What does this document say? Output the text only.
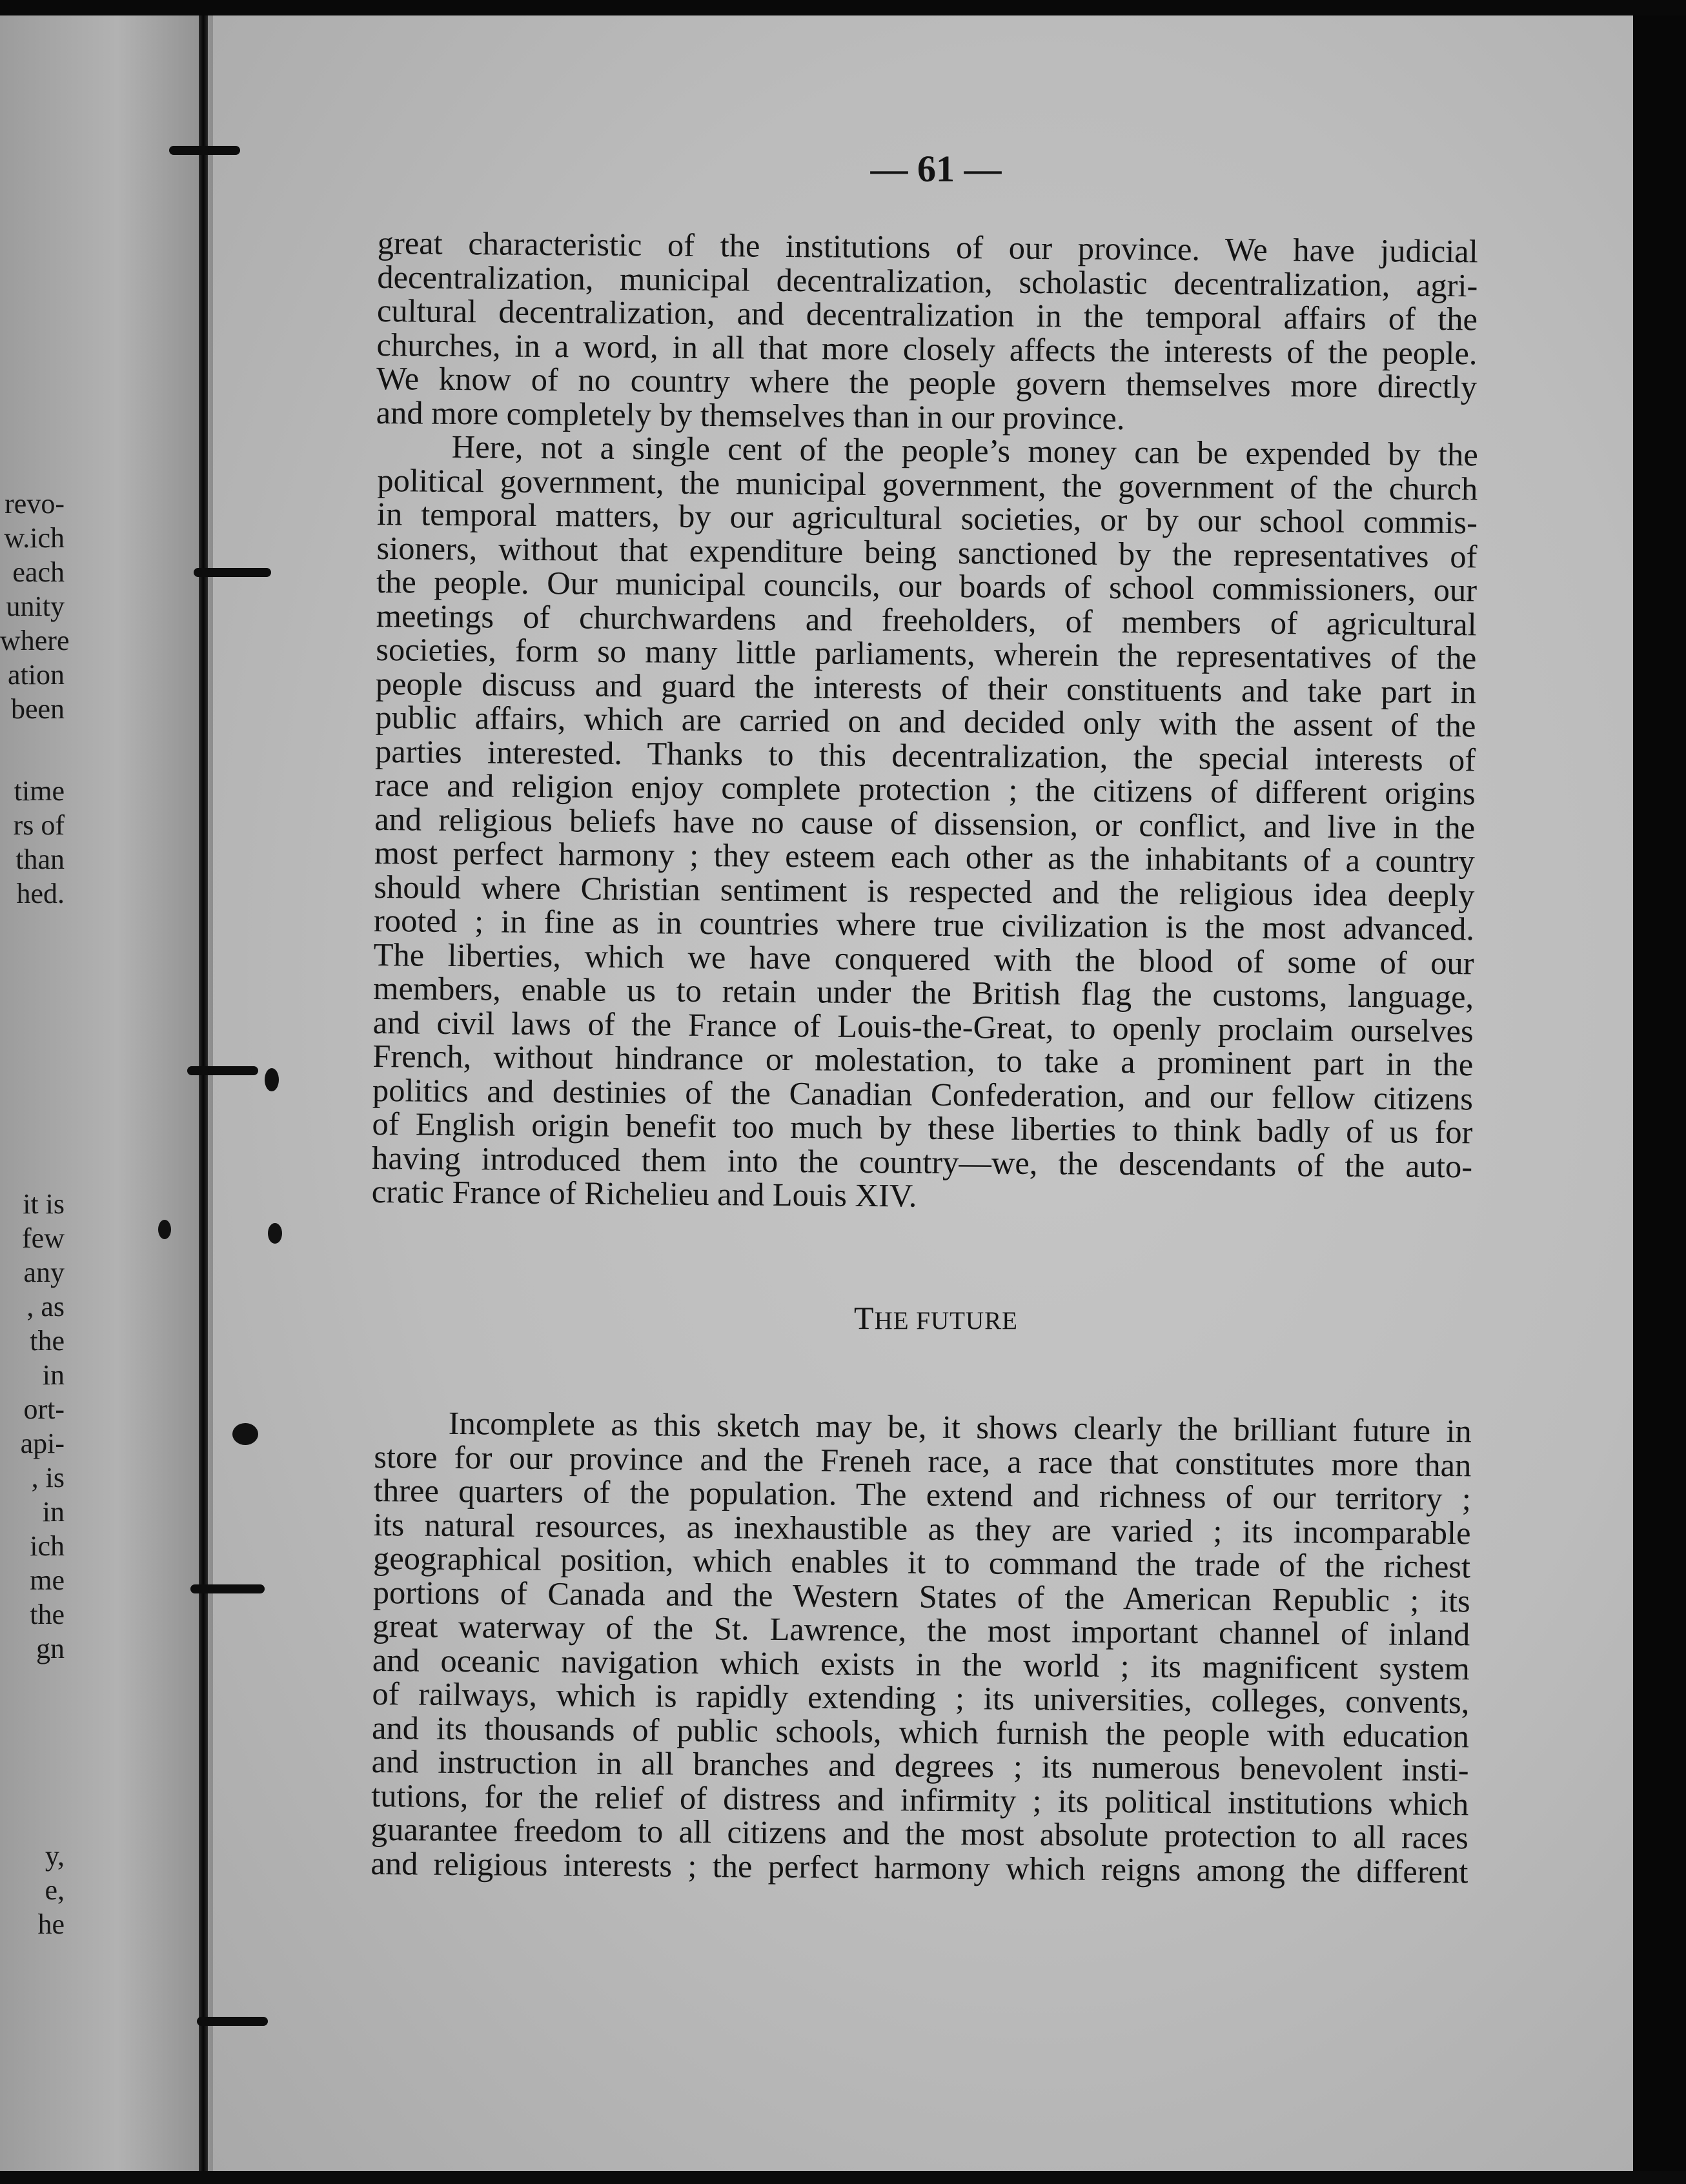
revo-
w.ich
each
unity
where
ation
been
time
rs of
than
hed.
it is
few
any
, as
the
in
ort-
api-
, is
in
ich
me
the
gn
y,
e,
he

— 61 —

great characteristic of the institutions of our province. We have judicial
decentralization, municipal decentralization, scholastic decentralization, agri-
cultural decentralization, and decentralization in the temporal affairs of the
churches, in a word, in all that more closely affects the interests of the people.
We know of no country where the people govern themselves more directly
and more completely by themselves than in our province.
Here, not a single cent of the people’s money can be expended by the
political government, the municipal government, the government of the church
in temporal matters, by our agricultural societies, or by our school commis-
sioners, without that expenditure being sanctioned by the representatives of
the people. Our municipal councils, our boards of school commissioners, our
meetings of churchwardens and freeholders, of members of agricultural
societies, form so many little parliaments, wherein the representatives of the
people discuss and guard the interests of their constituents and take part in
public affairs, which are carried on and decided only with the assent of the
parties interested. Thanks to this decentralization, the special interests of
race and religion enjoy complete protection ; the citizens of different origins
and religious beliefs have no cause of dissension, or conflict, and live in the
most perfect harmony ; they esteem each other as the inhabitants of a country
should where Christian sentiment is respected and the religious idea deeply
rooted ; in fine as in countries where true civilization is the most advanced.
The liberties, which we have conquered with the blood of some of our
members, enable us to retain under the British flag the customs, language,
and civil laws of the France of Louis-the-Great, to openly proclaim ourselves
French, without hindrance or molestation, to take a prominent part in the
politics and destinies of the Canadian Confederation, and our fellow citizens
of English origin benefit too much by these liberties to think badly of us for
having introduced them into the country—we, the descendants of the auto-
cratic France of Richelieu and Louis XIV.

THE FUTURE

Incomplete as this sketch may be, it shows clearly the brilliant future in
store for our province and the Freneh race, a race that constitutes more than
three quarters of the population. The extend and richness of our territory ;
its natural resources, as inexhaustible as they are varied ; its incomparable
geographical position, which enables it to command the trade of the richest
portions of Canada and the Western States of the American Republic ; its
great waterway of the St. Lawrence, the most important channel of inland
and oceanic navigation which exists in the world ; its magnificent system
of railways, which is rapidly extending ; its universities, colleges, convents,
and its thousands of public schools, which furnish the people with education
and instruction in all branches and degrees ; its numerous benevolent insti-
tutions, for the relief of distress and infirmity ; its political institutions which
guarantee freedom to all citizens and the most absolute protection to all races
and religious interests ; the perfect harmony which reigns among the different
